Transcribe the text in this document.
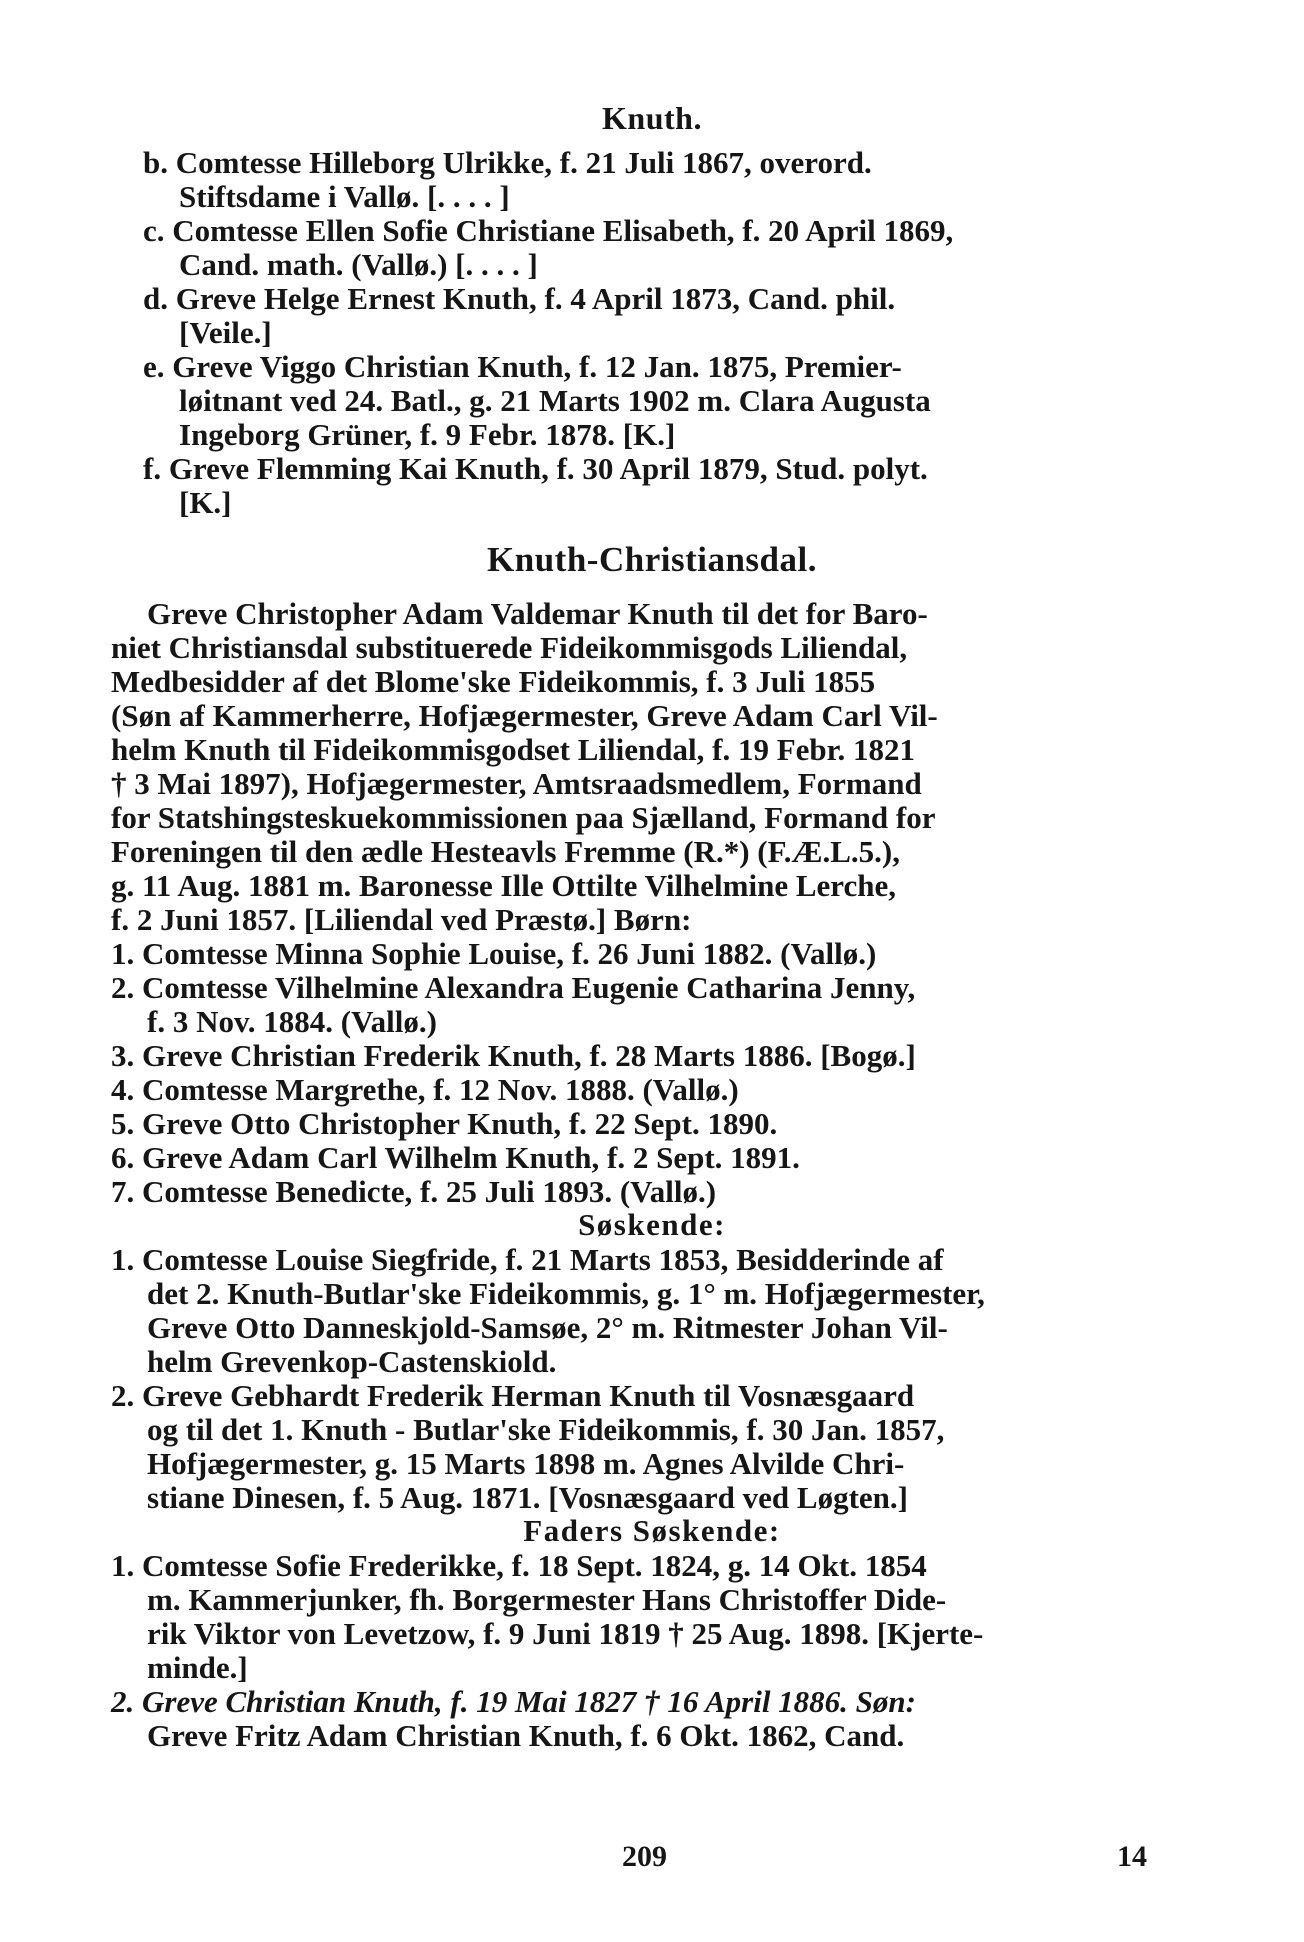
Knuth.
b. Comtesse Hilleborg Ulrikke, f. 21 Juli 1867, overord.
Stiftsdame i Vallø. [. . . . ]
c. Comtesse Ellen Sofie Christiane Elisabeth, f. 20 April 1869,
Cand. math. (Vallø.) [. . . . ]
d. Greve Helge Ernest Knuth, f. 4 April 1873, Cand. phil.
[Veile.]
e. Greve Viggo Christian Knuth, f. 12 Jan. 1875, Premier-
løitnant ved 24. Batl., g. 21 Marts 1902 m. Clara Augusta
Ingeborg Grüner, f. 9 Febr. 1878. [K.]
f. Greve Flemming Kai Knuth, f. 30 April 1879, Stud. polyt.
[K.]
Knuth-Christiansdal.
Greve Christopher Adam Valdemar Knuth til det for Baro-
niet Christiansdal substituerede Fideikommisgods Liliendal,
Medbesidder af det Blome'ske Fideikommis, f. 3 Juli 1855
(Søn af Kammerherre, Hofjægermester, Greve Adam Carl Vil-
helm Knuth til Fideikommisgodset Liliendal, f. 19 Febr. 1821
† 3 Mai 1897), Hofjægermester, Amtsraadsmedlem, Formand
for Statshingsteskuekommissionen paa Sjælland, Formand for
Foreningen til den ædle Hesteavls Fremme (R.*) (F.Æ.L.5.),
g. 11 Aug. 1881 m. Baronesse Ille Ottilte Vilhelmine Lerche,
f. 2 Juni 1857. [Liliendal ved Præstø.] Børn:
1. Comtesse Minna Sophie Louise, f. 26 Juni 1882. (Vallø.)
2. Comtesse Vilhelmine Alexandra Eugenie Catharina Jenny,
f. 3 Nov. 1884. (Vallø.)
3. Greve Christian Frederik Knuth, f. 28 Marts 1886. [Bogø.]
4. Comtesse Margrethe, f. 12 Nov. 1888. (Vallø.)
5. Greve Otto Christopher Knuth, f. 22 Sept. 1890.
6. Greve Adam Carl Wilhelm Knuth, f. 2 Sept. 1891.
7. Comtesse Benedicte, f. 25 Juli 1893. (Vallø.)
Søskende:
1. Comtesse Louise Siegfride, f. 21 Marts 1853, Besidderinde af
det 2. Knuth-Butlar'ske Fideikommis, g. 1° m. Hofjægermester,
Greve Otto Danneskjold-Samsøe, 2° m. Ritmester Johan Vil-
helm Grevenkop-Castenskiold.
2. Greve Gebhardt Frederik Herman Knuth til Vosnæsgaard
og til det 1. Knuth - Butlar'ske Fideikommis, f. 30 Jan. 1857,
Hofjægermester, g. 15 Marts 1898 m. Agnes Alvilde Chri-
stiane Dinesen, f. 5 Aug. 1871. [Vosnæsgaard ved Løgten.]
Faders Søskende:
1. Comtesse Sofie Frederikke, f. 18 Sept. 1824, g. 14 Okt. 1854
m. Kammerjunker, fh. Borgermester Hans Christoffer Dide-
rik Viktor von Levetzow, f. 9 Juni 1819 † 25 Aug. 1898. [Kjerte-
minde.]
2. Greve Christian Knuth, f. 19 Mai 1827 † 16 April 1886. Søn:
Greve Fritz Adam Christian Knuth, f. 6 Okt. 1862, Cand.
209	14
